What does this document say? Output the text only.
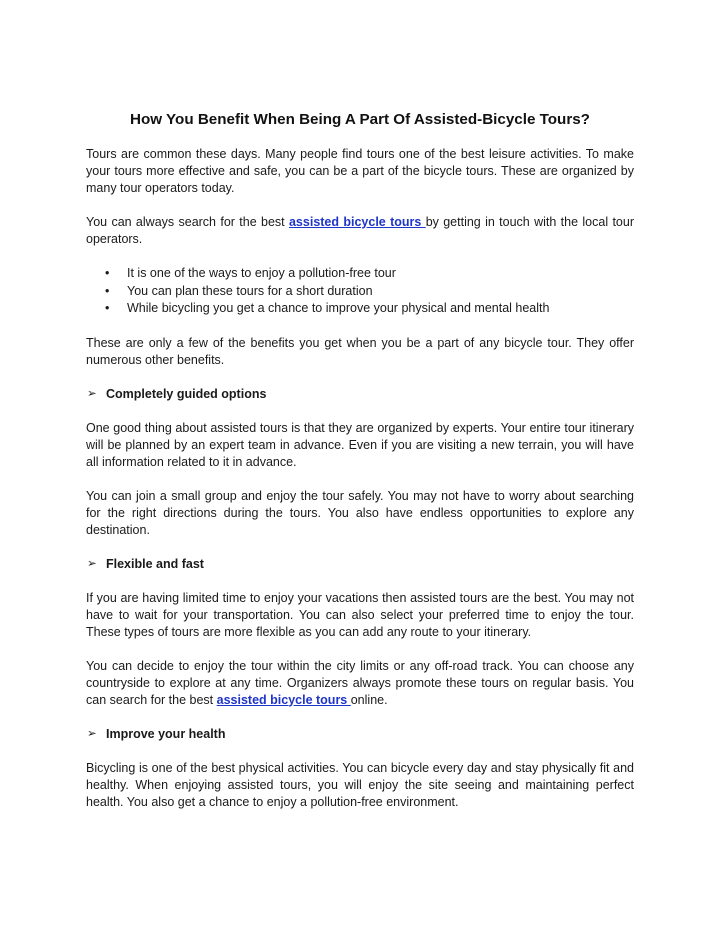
How You Benefit When Being A Part Of Assisted-Bicycle Tours?

Tours are common these days. Many people find tours one of the best leisure activities. To make your tours more effective and safe, you can be a part of the bicycle tours. These are organized by many tour operators today.

You can always search for the best assisted bicycle tours by getting in touch with the local tour operators.

• It is one of the ways to enjoy a pollution-free tour
• You can plan these tours for a short duration
• While bicycling you get a chance to improve your physical and mental health

These are only a few of the benefits you get when you be a part of any bicycle tour. They offer numerous other benefits.

➢ Completely guided options

One good thing about assisted tours is that they are organized by experts. Your entire tour itinerary will be planned by an expert team in advance. Even if you are visiting a new terrain, you will have all information related to it in advance.

You can join a small group and enjoy the tour safely. You may not have to worry about searching for the right directions during the tours. You also have endless opportunities to explore any destination.

➢ Flexible and fast

If you are having limited time to enjoy your vacations then assisted tours are the best. You may not have to wait for your transportation. You can also select your preferred time to enjoy the tour. These types of tours are more flexible as you can add any route to your itinerary.

You can decide to enjoy the tour within the city limits or any off-road track. You can choose any countryside to explore at any time. Organizers always promote these tours on regular basis. You can search for the best assisted bicycle tours online.

➢ Improve your health

Bicycling is one of the best physical activities. You can bicycle every day and stay physically fit and healthy. When enjoying assisted tours, you will enjoy the site seeing and maintaining perfect health. You also get a chance to enjoy a pollution-free environment.
